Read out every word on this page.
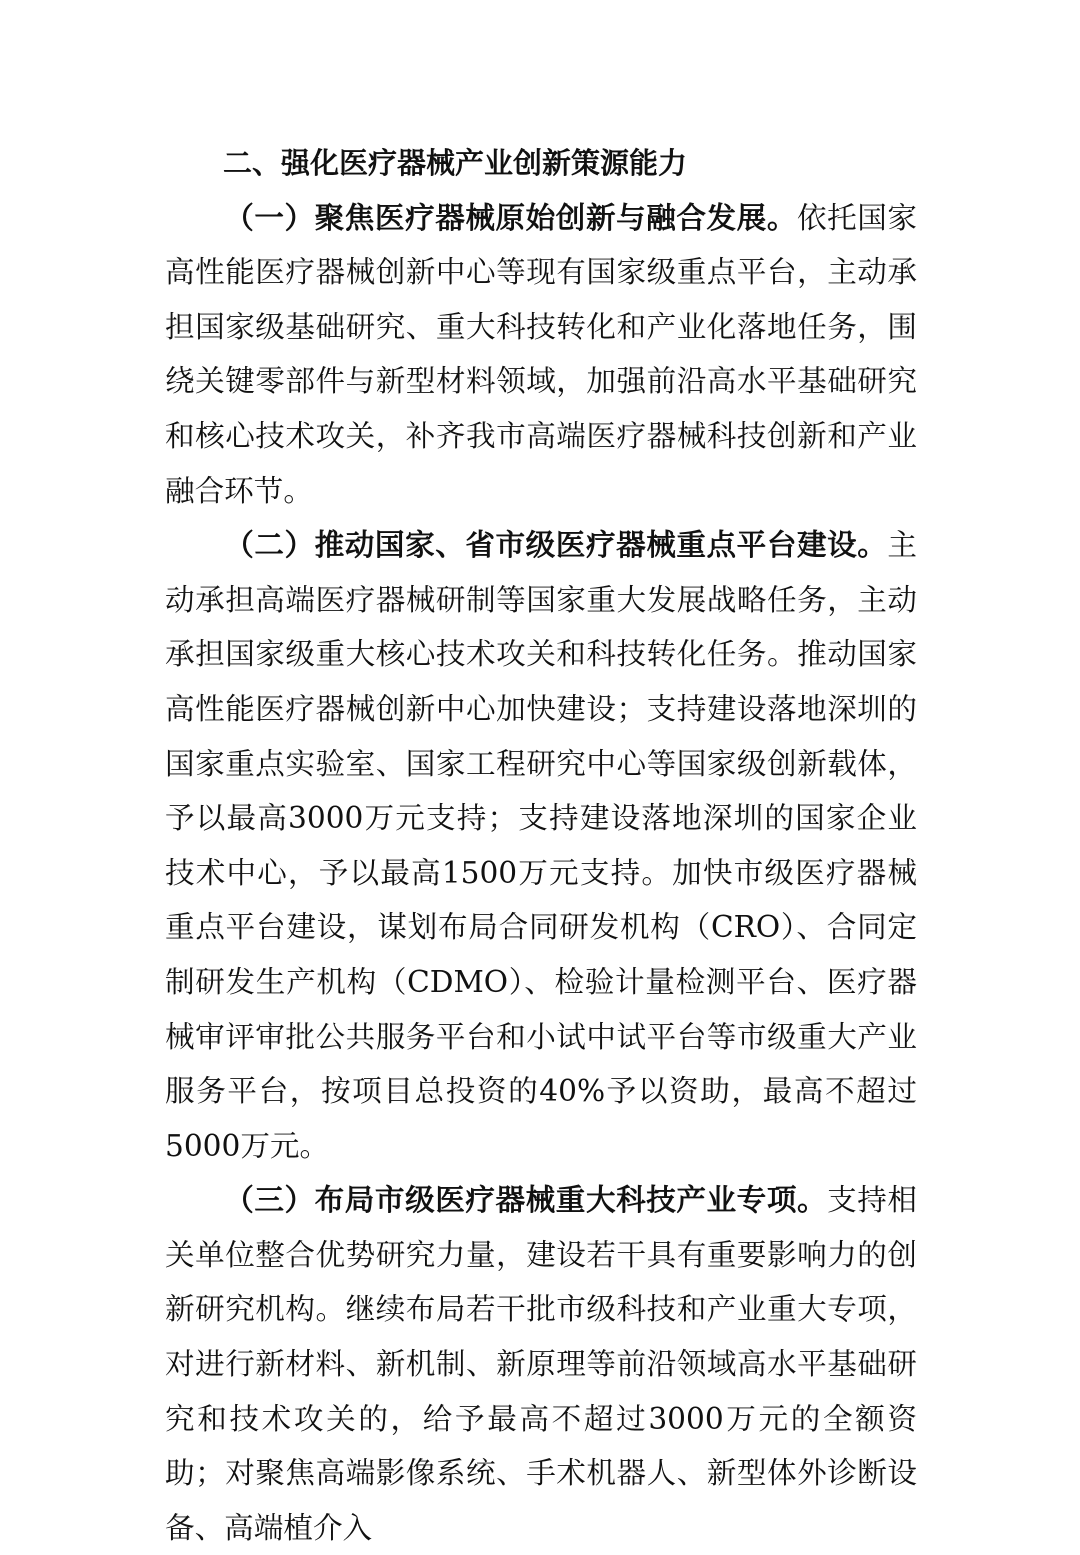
二、强化医疗器械产业创新策源能力

（一）聚焦医疗器械原始创新与融合发展。依托国家高性能医疗器械创新中心等现有国家级重点平台，主动承担国家级基础研究、重大科技转化和产业化落地任务，围绕关键零部件与新型材料领域，加强前沿高水平基础研究和核心技术攻关，补齐我市高端医疗器械科技创新和产业融合环节。

（二）推动国家、省市级医疗器械重点平台建设。主动承担高端医疗器械研制等国家重大发展战略任务，主动承担国家级重大核心技术攻关和科技转化任务。推动国家高性能医疗器械创新中心加快建设；支持建设落地深圳的国家重点实验室、国家工程研究中心等国家级创新载体，予以最高3000万元支持；支持建设落地深圳的国家企业技术中心，予以最高1500万元支持。加快市级医疗器械重点平台建设，谋划布局合同研发机构（CRO）、合同定制研发生产机构（CDMO）、检验计量检测平台、医疗器械审评审批公共服务平台和小试中试平台等市级重大产业服务平台，按项目总投资的40%予以资助，最高不超过5000万元。

（三）布局市级医疗器械重大科技产业专项。支持相关单位整合优势研究力量，建设若干具有重要影响力的创新研究机构。继续布局若干批市级科技和产业重大专项，对进行新材料、新机制、新原理等前沿领域高水平基础研究和技术攻关的，给予最高不超过3000万元的全额资助；对聚焦高端影像系统、手术机器人、新型体外诊断设备、高端植介入
